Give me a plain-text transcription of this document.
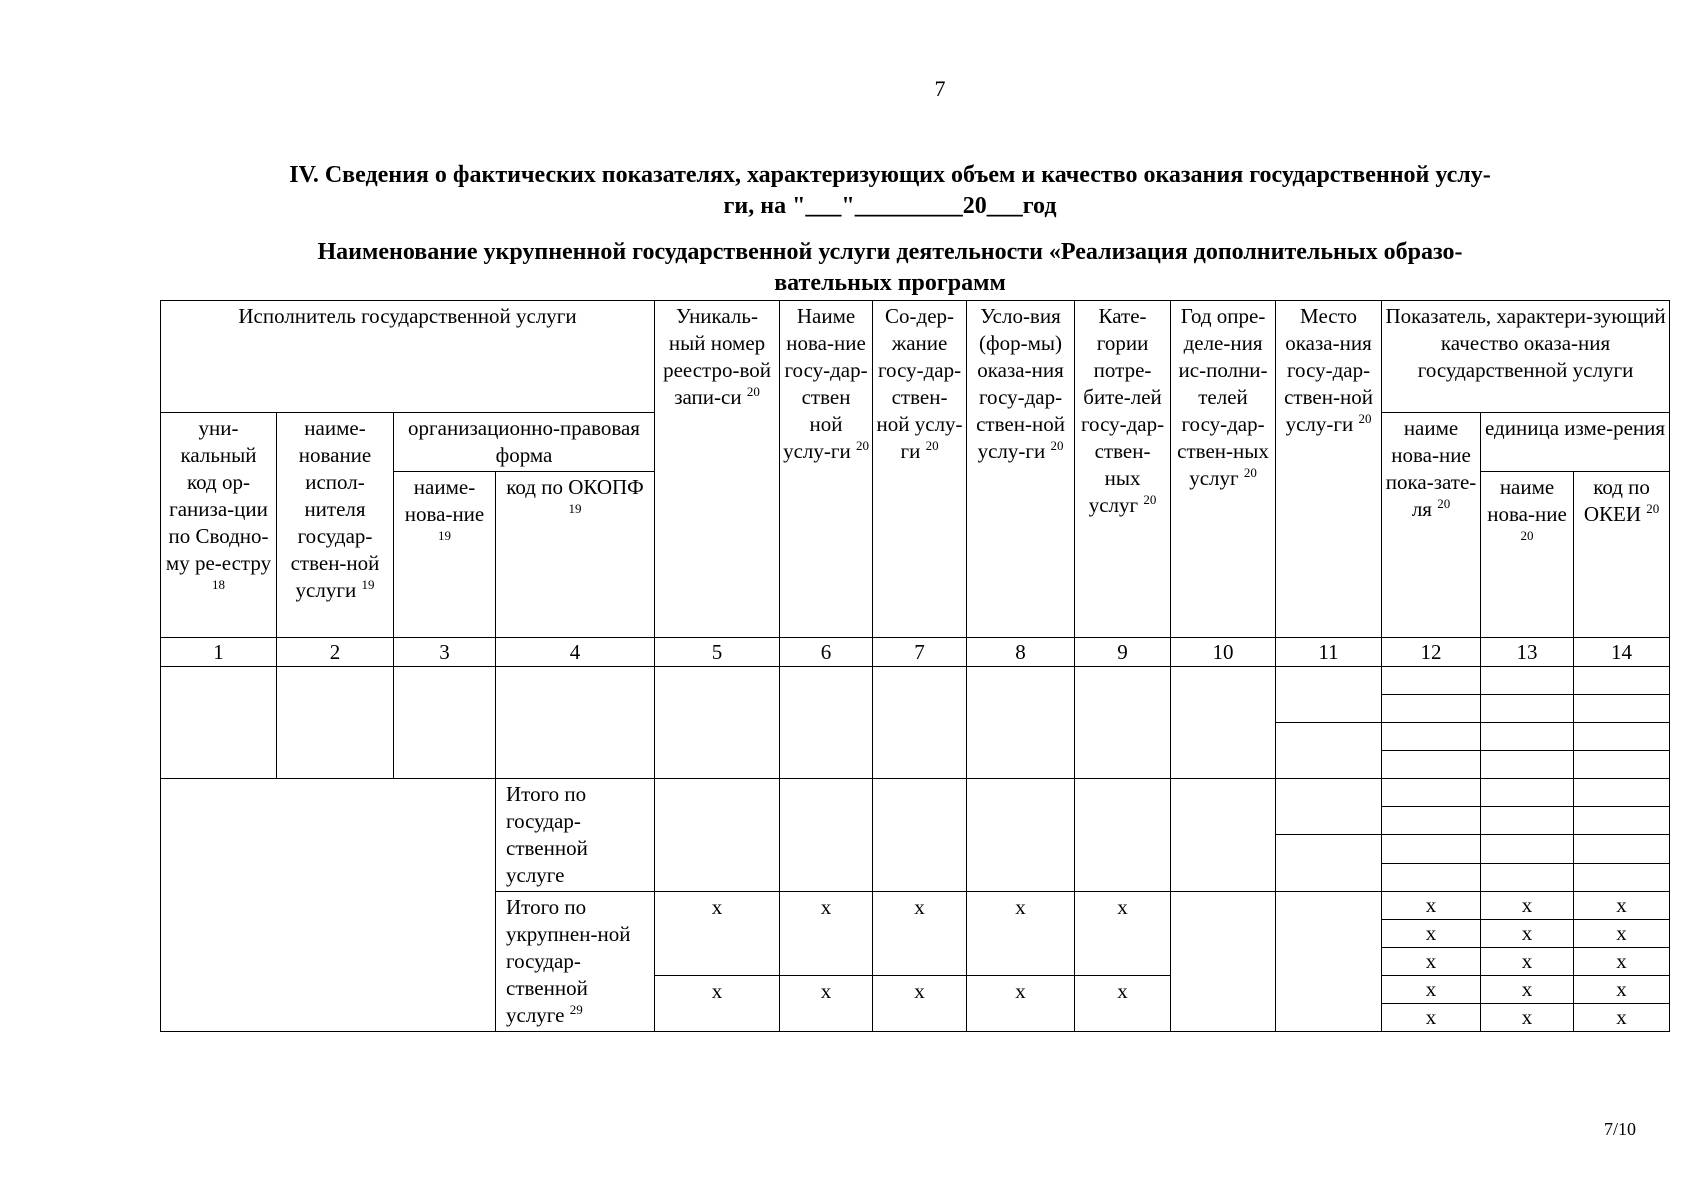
7
IV. Сведения о фактических показателях, характеризующих объем и качество оказания государственной услу-
ги, на "___"_________20___год
Наименование укрупненной государственной услуги деятельности «Реализация дополнительных образо-
вательных программ
Исполнитель государственной услуги				Уникаль-ный номер реестро-вой запи-си $^{20}$	Наиме нова-ние госу-дар-ствен ной услу-ги $^{20}$	Со-дер-жание госу-дар-ствен-ной услу-ги $^{20}$	Усло-вия (фор-мы) оказа-ния госу-дар-ствен-ной услу-ги $^{20}$	Кате-гории потре-бите-лей госу-дар-ствен-ных услуг $^{20}$	Год опре-деле-ния ис-полни-телей госу-дар-ствен-ных услуг $^{20}$	Место оказа-ния госу-дар-ствен-ной услу-ги $^{20}$	Показатель, характери-зующий качество оказа-ния государственной услуги		
уни-кальный код ор-ганиза-ции по Сводно-му ре-естру $^{18}$	наиме-нование испол-нителя государ-ствен-ной услуги $^{19}$	организационно-правовая форма									наиме нова-ние пока-зате-ля $^{20}$	единица изме-рения	
		наиме-нова-ние $^{19}$	код по ОКОПФ $^{19}$									наиме нова-ние $^{20}$	код по ОКЕИ $^{20}$
1	2	3	4	5	6	7	8	9	10	11	12	13	14

			Итого по государ-ственной услуге										

			Итого по укрупнен-ной государ-ственной услуге $^{29}$	x	x	x	x	x			x	x	x
											x	x	x
											x	x	x
				x	x	x	x	x			x	x	x
											x	x	x
7/10
